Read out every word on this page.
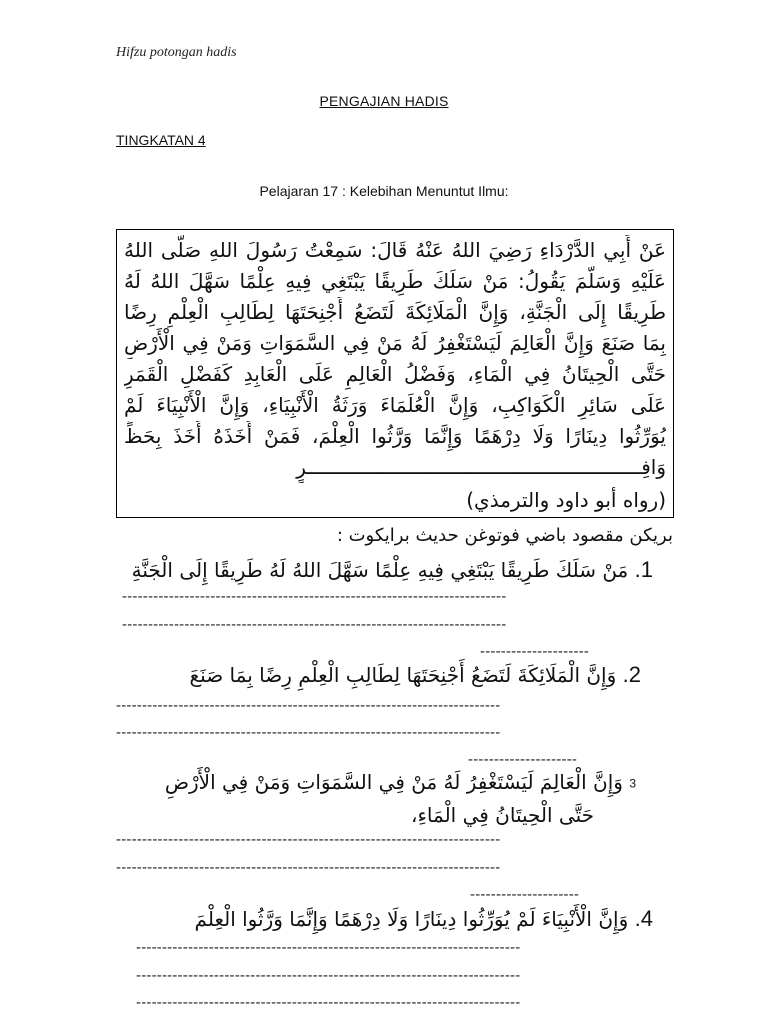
Hifzu potongan hadis
PENGAJIAN HADIS
TINGKATAN 4
Pelajaran 17 : Kelebihan Menuntut Ilmu:
عَنْ أَبِي الدَّرْدَاءِ رَضِيَ اللهُ عَنْهُ قَالَ: سَمِعْتُ رَسُولَ اللهِ صَلَّى اللهُ
عَلَيْهِ وَسَلَّمَ يَقُولُ: مَنْ سَلَكَ طَرِيقًا يَبْتَغِي فِيهِ عِلْمًا سَهَّلَ اللهُ لَهُ
طَرِيقًا إِلَى الْجَنَّةِ، وَإِنَّ الْمَلَائِكَةَ لَتَضَعُ أَجْنِحَتَهَا لِطَالِبِ الْعِلْمِ رِضًا
بِمَا صَنَعَ وَإِنَّ الْعَالِمَ لَيَسْتَغْفِرُ لَهُ مَنْ فِي السَّمَوَاتِ وَمَنْ فِي الْأَرْضِ
حَتَّى الْحِيتَانُ فِي الْمَاءِ، وَفَضْلُ الْعَالِمِ عَلَى الْعَابِدِ كَفَضْلِ الْقَمَرِ
عَلَى سَائِرِ الْكَوَاكِبِ، وَإِنَّ الْعُلَمَاءَ وَرَثَةُ الْأَنْبِيَاءِ، وَإِنَّ الْأَنْبِيَاءَ لَمْ
يُوَرِّثُوا دِينَارًا وَلَا دِرْهَمًا وَإِنَّمَا وَرَّثُوا الْعِلْمَ، فَمَنْ أَخَذَهُ أَخَذَ بِحَظٍّ
وَافِـــــــــــــــــــــــــــــــــــــــــــــــــــــــــرٍ
(رواه أبو داود والترمذي)
بريکن مقصود باضي فوتوغن حديث برايکوت :
1. مَنْ سَلَكَ طَرِيقًا يَبْتَغِي فِيهِ عِلْمًا سَهَّلَ اللهُ لَهُ طَرِيقًا إِلَى الْجَنَّةِ
--------------------------------------------------------------------------
--------------------------------------------------------------------------
---------------------
2. وَإِنَّ الْمَلَائِكَةَ لَتَضَعُ أَجْنِحَتَهَا لِطَالِبِ الْعِلْمِ رِضًا بِمَا صَنَعَ
--------------------------------------------------------------------------
--------------------------------------------------------------------------
---------------------
3 وَإِنَّ الْعَالِمَ لَيَسْتَغْفِرُ لَهُ مَنْ فِي السَّمَوَاتِ وَمَنْ فِي الْأَرْضِ
حَتَّى الْحِيتَانُ فِي الْمَاءِ،
--------------------------------------------------------------------------
--------------------------------------------------------------------------
---------------------
4. وَإِنَّ الْأَنْبِيَاءَ لَمْ يُوَرِّثُوا دِينَارًا وَلَا دِرْهَمًا وَإِنَّمَا وَرَّثُوا الْعِلْمَ
--------------------------------------------------------------------------
--------------------------------------------------------------------------
--------------------------------------------------------------------------
